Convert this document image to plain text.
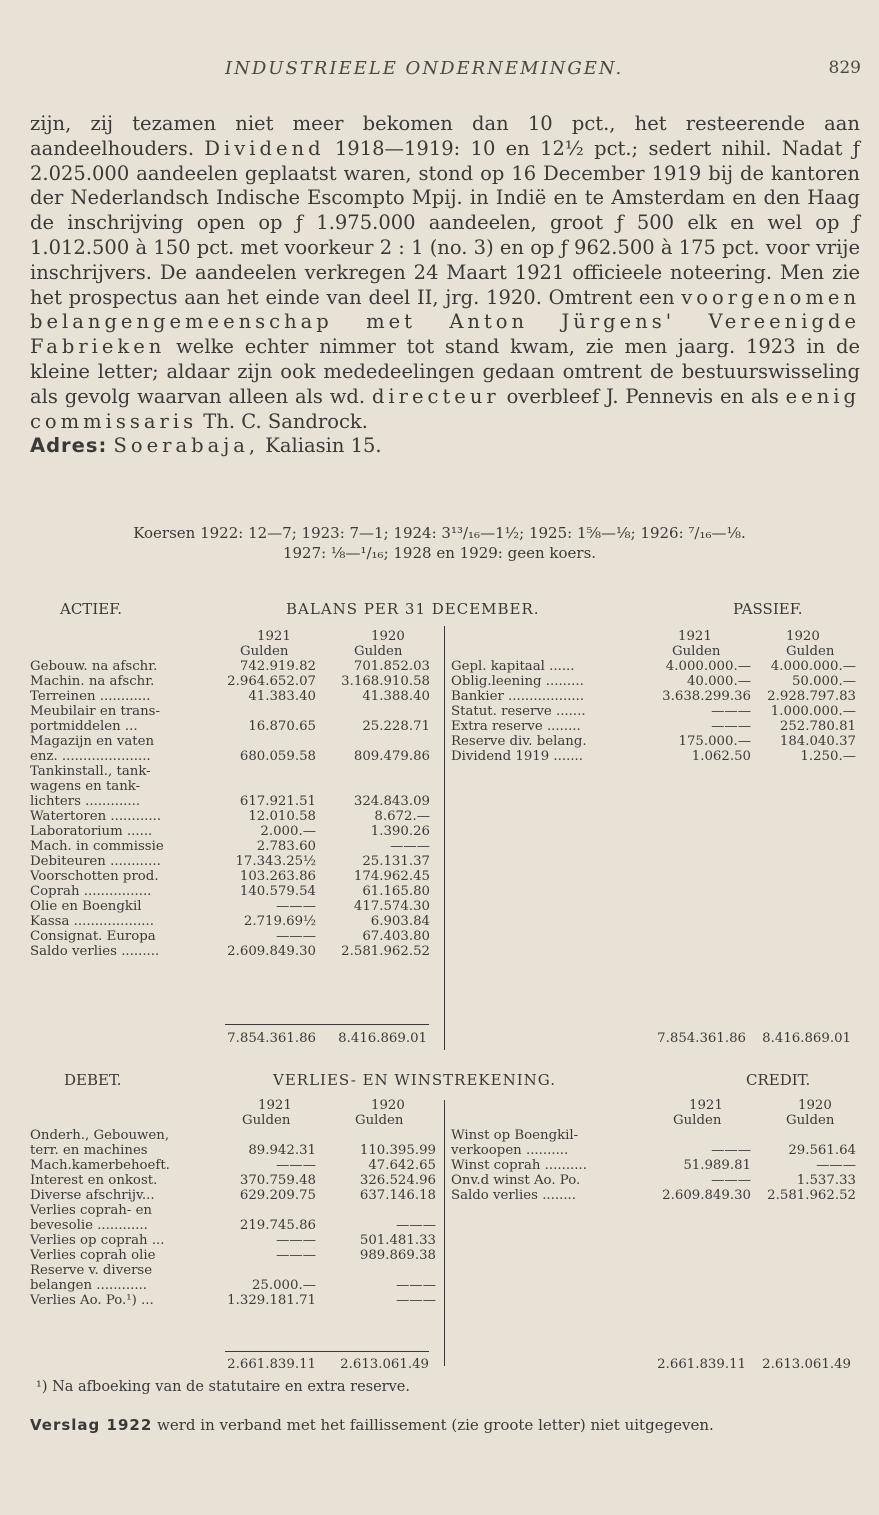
INDUSTRIEELE ONDERNEMINGEN.	829

zijn, zij tezamen niet meer bekomen dan 10 pct., het resteerende aan aandeelhouders. Dividend 1918—1919: 10 en 12½ pct.; sedert nihil. Nadat ƒ 2.025.000 aandeelen geplaatst waren, stond op 16 December 1919 bij de kantoren der Nederlandsch Indische Escompto Mpij. in Indië en te Amsterdam en den Haag de inschrijving open op ƒ 1.975.000 aandeelen, groot ƒ 500 elk en wel op ƒ 1.012.500 à 150 pct. met voorkeur 2 : 1 (no. 3) en op ƒ 962.500 à 175 pct. voor vrije inschrijvers. De aandeelen verkregen 24 Maart 1921 officieele noteering. Men zie het prospectus aan het einde van deel II, jrg. 1920. Omtrent een voorgenomen belangengemeenschap met Anton Jürgens' Vereenigde Fabrieken welke echter nimmer tot stand kwam, zie men jaarg. 1923 in de kleine letter; aldaar zijn ook mededeelingen gedaan omtrent de bestuurswisseling als gevolg waarvan alleen als wd. directeur overbleef J. Pennevis en als eenig commissaris Th. C. Sandrock.

Adres: Soerabaja, Kaliasin 15.

Koersen 1922: 12—7; 1923: 7—1; 1924: 3¹³/₁₆—1½; 1925: 1⅝—⅛; 1926: ⁷/₁₆—⅛.
1927: ⅛—¹/₁₆; 1928 en 1929: geen koers.
ACTIEF.	BALANS PER 31 DECEMBER.	PASSIEF.
1921	1920	1921	1920
Gulden	Gulden	Gulden	Gulden
Gebouw. na afschr.	742.919.82	701.852.03
Machin. na afschr.	2.964.652.07 3.168.910.58
Terreinen ............	41.383.40	41.388.40
Meubilair en trans-
portmiddelen ...	16.870.65	25.228.71
Magazijn en vaten
enz. .....................	680.059.58	809.479.86
Tankinstall., tank-
wagens en tank-
lichters .............	617.921.51	324.843.09
Watertoren ............	12.010.58	8.672.—
Laboratorium ......	2.000.—	1.390.26
Mach. in commissie	2.783.60	———
Debiteuren ............	17.343.25½	25.131.37
Voorschotten prod.	103.263.86	174.962.45
Coprah ................	140.579.54	61.165.80
Olie en Boengkil	———	417.574.30
Kassa ...................	2.719.69½	6.903.84
Consignat. Europa	———	67.403.80
Saldo verlies .........	2.609.849.30 2.581.962.52
Gepl. kapitaal ......	4.000.000.— 4.000.000.—
Oblig.leening .........	40.000.—	50.000.—
Bankier ..................	3.638.299.36 2.928.797.83
Statut. reserve .......	——— 1.000.000.—
Extra reserve ........	——— 252.780.81
Reserve div. belang.	175.000.— 184.040.37
Dividend 1919 .......	1.062.50	1.250.—
7.854.361.86 8.416.869.01	7.854.361.86 8.416.869.01
DEBET.	VERLIES- EN WINSTREKENING.	CREDIT.
1921	1920	1921	1920
Gulden	Gulden	Gulden	Gulden
Onderh., Gebouwen,
terr. en machines	89.942.31	110.395.99
Mach.kamerbehoeft.	———	47.642.65
Interest en onkost.	370.759.48	326.524.96
Diverse afschrijv...	629.209.75	637.146.18
Verlies coprah- en
bevesolie ............	219.745.86	———
Verlies op coprah ...	———	501.481.33
Verlies coprah olie	———	989.869.38
Reserve v. diverse
belangen ............	25.000.—	———
Verlies Ao. Po.¹) ...	1.329.181.71	———
Winst op Boengkil-
verkoopen ..........	———	29.561.64
Winst coprah ..........	51.989.81	———
Onv.d winst Ao. Po.	———	1.537.33
Saldo verlies ........	2.609.849.30 2.581.962.52
2.661.839.11 2.613.061.49	2.661.839.11 2.613.061.49
¹) Na afboeking van de statutaire en extra reserve.
Verslag 1922 werd in verband met het faillissement (zie groote letter) niet uitgegeven.
